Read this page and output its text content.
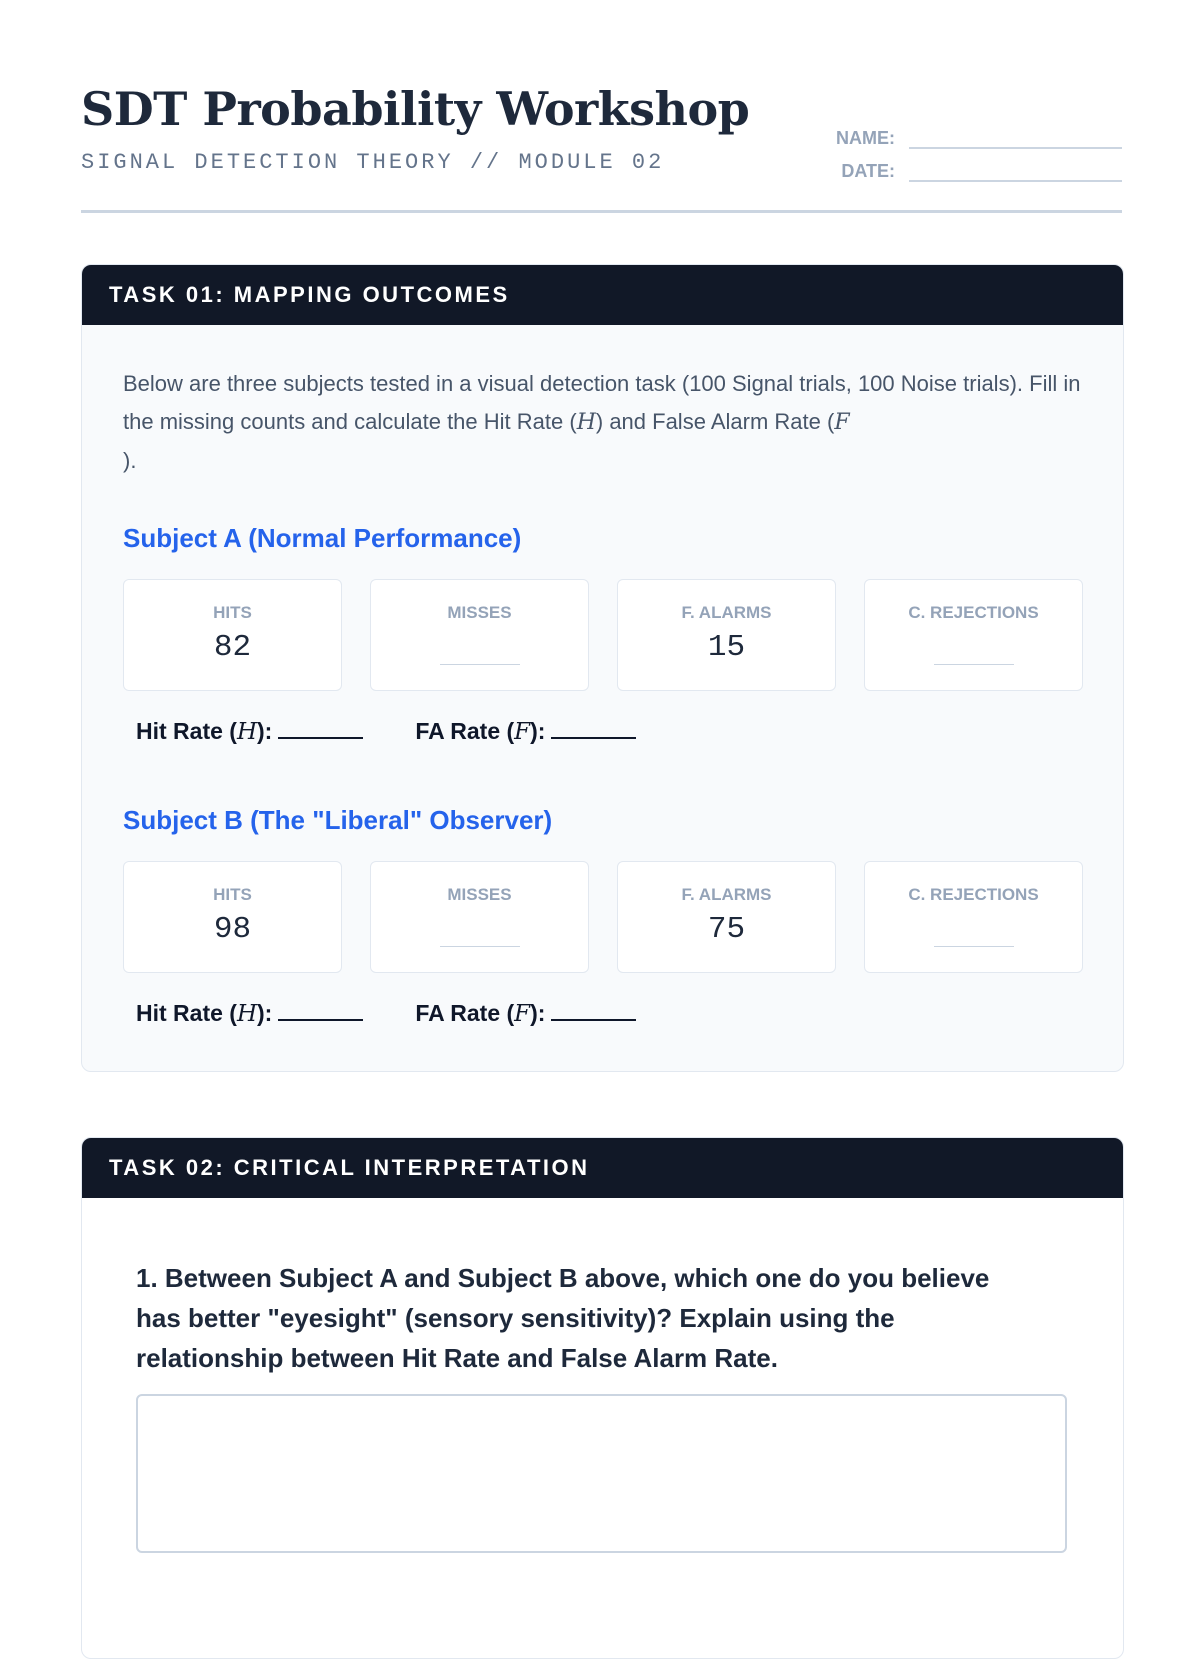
SDT Probability Workshop
SIGNAL DETECTION THEORY // MODULE 02
NAME:
DATE:
TASK 01: MAPPING OUTCOMES

Below are three subjects tested in a visual detection task (100 Signal trials, 100 Noise trials). Fill in the missing counts and calculate the Hit Rate (H) and False Alarm Rate (F
).

Subject A (Normal Performance)
HITS
82
MISSES	F. ALARMS
15
C. REJECTIONS
Hit Rate ( H ):	FA Rate ( F ):
Subject B (The "Liberal" Observer)
HITS
98
MISSES	F. ALARMS
75
C. REJECTIONS
Hit Rate ( H ):	FA Rate ( F ):
TASK 02: CRITICAL INTERPRETATION

1. Between Subject A and Subject B above, which one do you believe has better "eyesight" (sensory sensitivity)? Explain using the relationship between Hit Rate and False Alarm Rate.
